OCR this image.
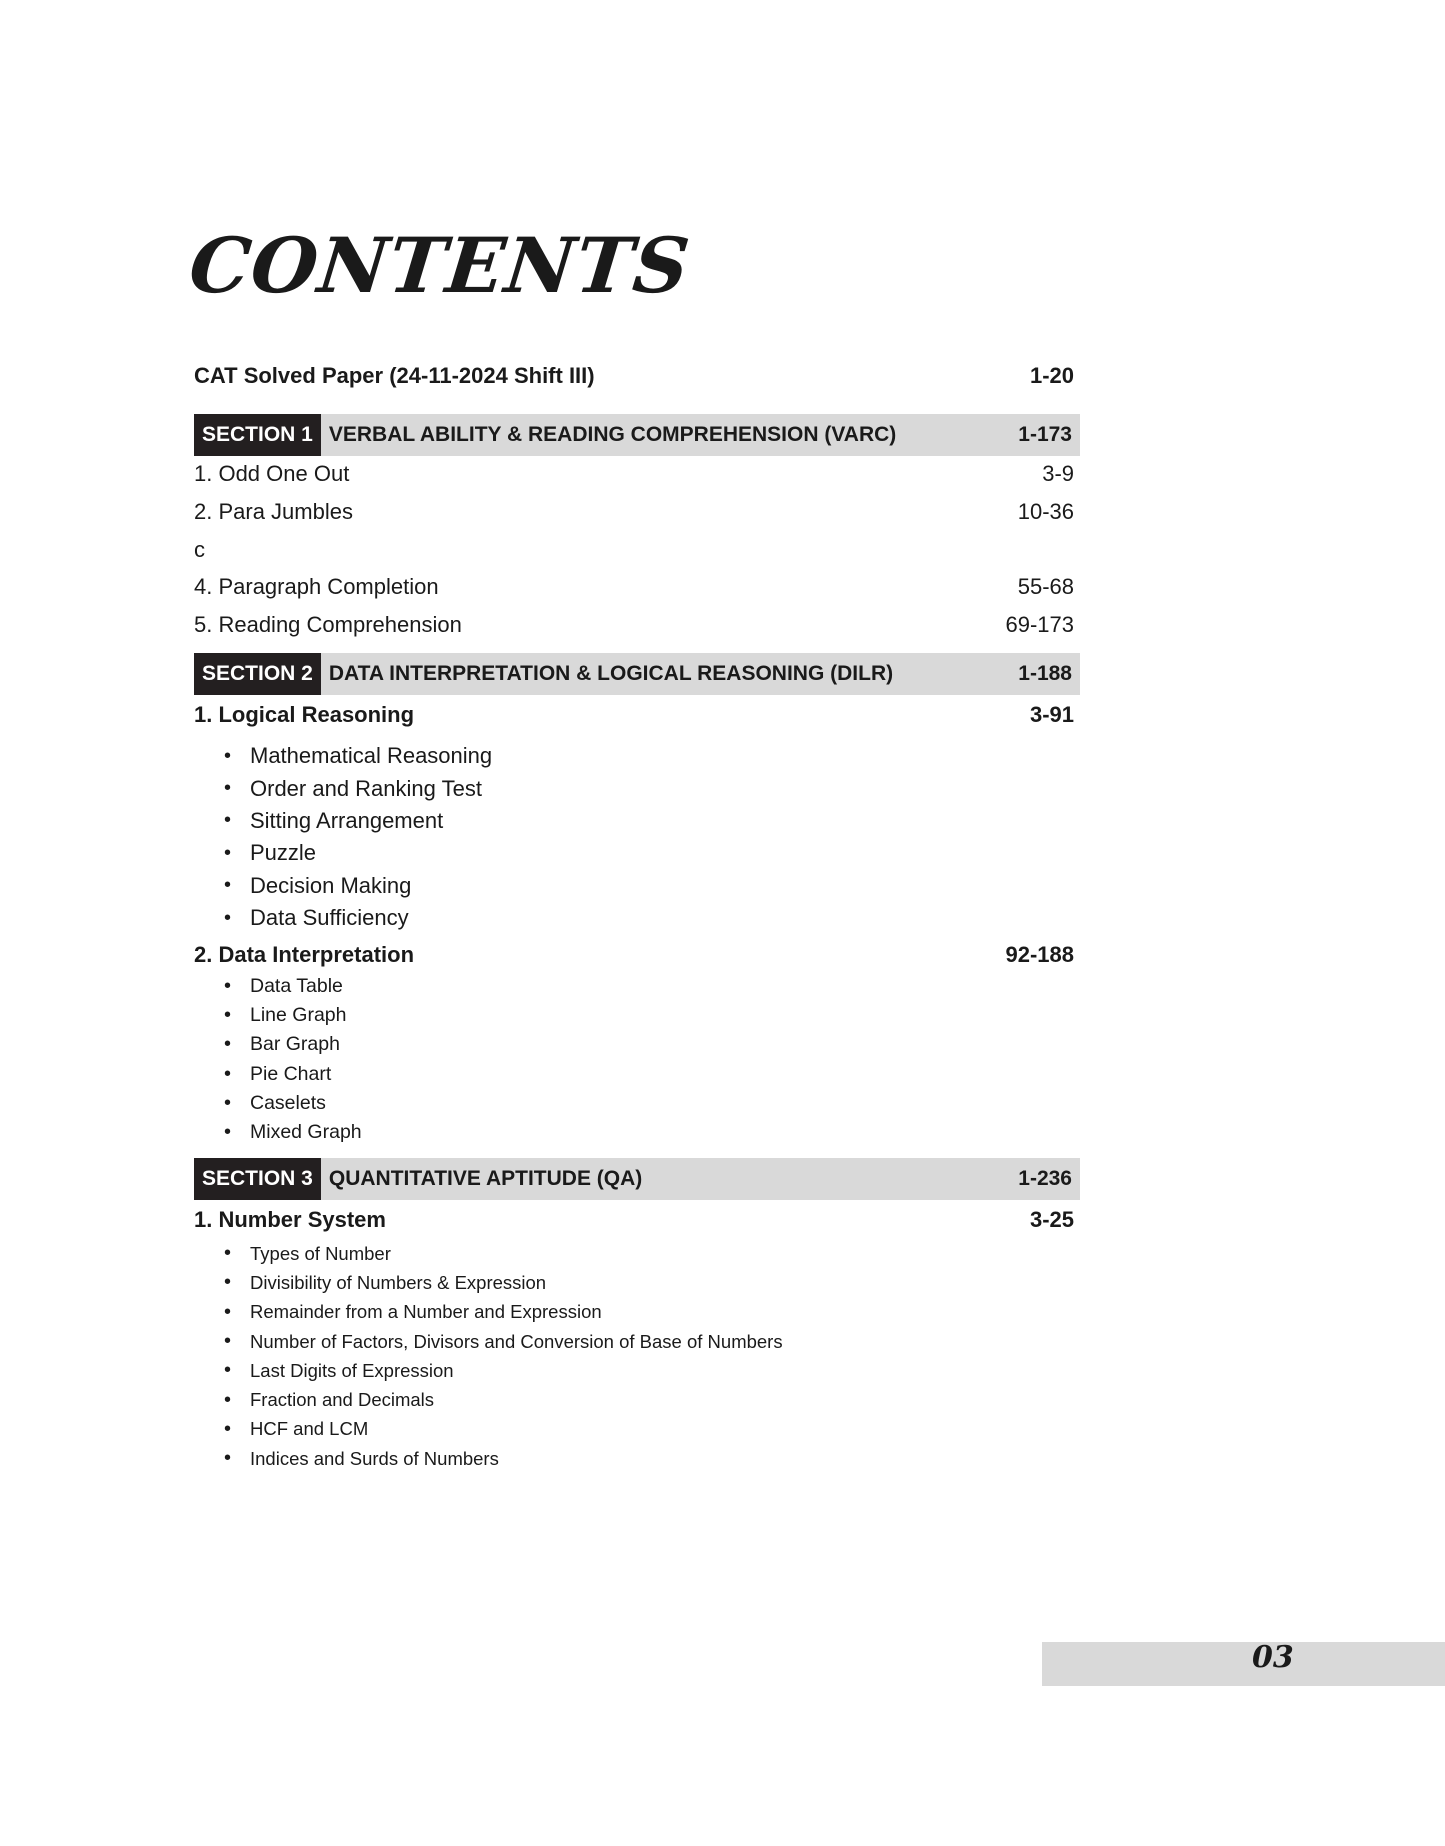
CONTENTS
CAT Solved Paper (24-11-2024 Shift III)	1-20
SECTION 1 VERBAL ABILITY & READING COMPREHENSION (VARC)	1-173
1. Odd One Out	3-9
2. Para Jumbles	10-36
c
4. Paragraph Completion	55-68
5. Reading Comprehension	69-173
SECTION 2 DATA INTERPRETATION & LOGICAL REASONING (DILR)	1-188
1. Logical Reasoning	3-91
• Mathematical Reasoning
• Order and Ranking Test
• Sitting Arrangement
• Puzzle
• Decision Making
• Data Sufficiency
2. Data Interpretation	92-188
• Data Table
• Line Graph
• Bar Graph
• Pie Chart
• Caselets
• Mixed Graph
SECTION 3 QUANTITATIVE APTITUDE (QA)	1-236
1. Number System	3-25
•	Types of Number
•	Divisibility of Numbers & Expression
•	Remainder from a Number and Expression
•	Number of Factors, Divisors and Conversion of Base of Numbers
•	Last Digits of Expression
•	Fraction and Decimals
•	HCF and LCM
•	Indices and Surds of Numbers
03
